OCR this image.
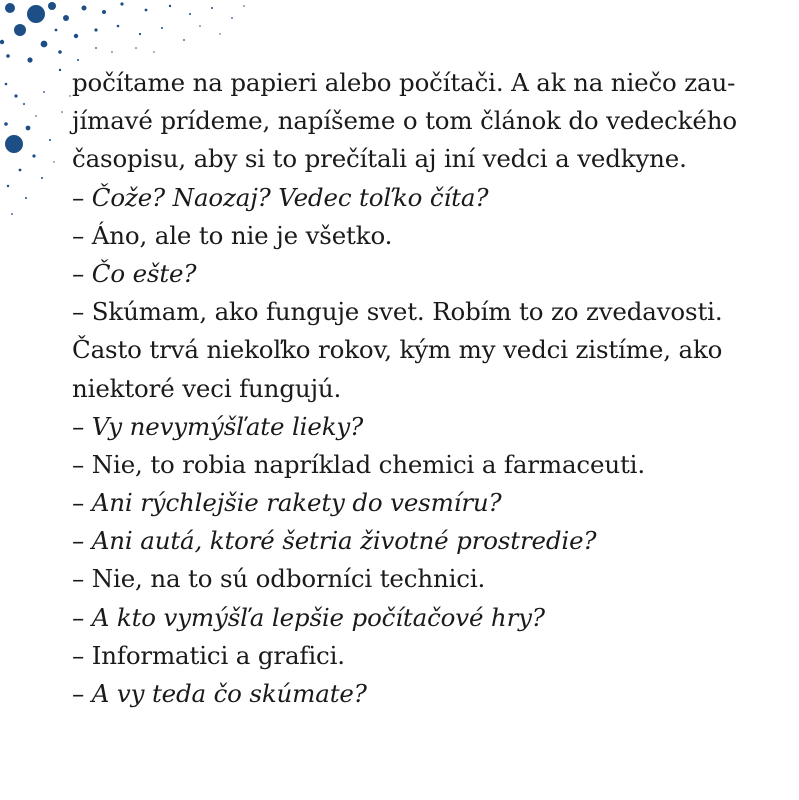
počítame na papieri alebo počítači. A ak na niečo zau-
jímavé prídeme, napíšeme o tom článok do vedeckého
časopisu, aby si to prečítali aj iní vedci a vedkyne.
– Čože? Naozaj? Vedec toľko číta?
– Áno, ale to nie je všetko.
– Čo ešte?
– Skúmam, ako funguje svet. Robím to zo zvedavosti.
Často trvá niekoľko rokov, kým my vedci zistíme, ako
niektoré veci fungujú.
– Vy nevymýšľate lieky?
– Nie, to robia napríklad chemici a farmaceuti.
– Ani rýchlejšie rakety do vesmíru?
– Ani autá, ktoré šetria životné prostredie?
– Nie, na to sú odborníci technici.
– A kto vymýšľa lepšie počítačové hry?
– Informatici a grafici.
– A vy teda čo skúmate?
